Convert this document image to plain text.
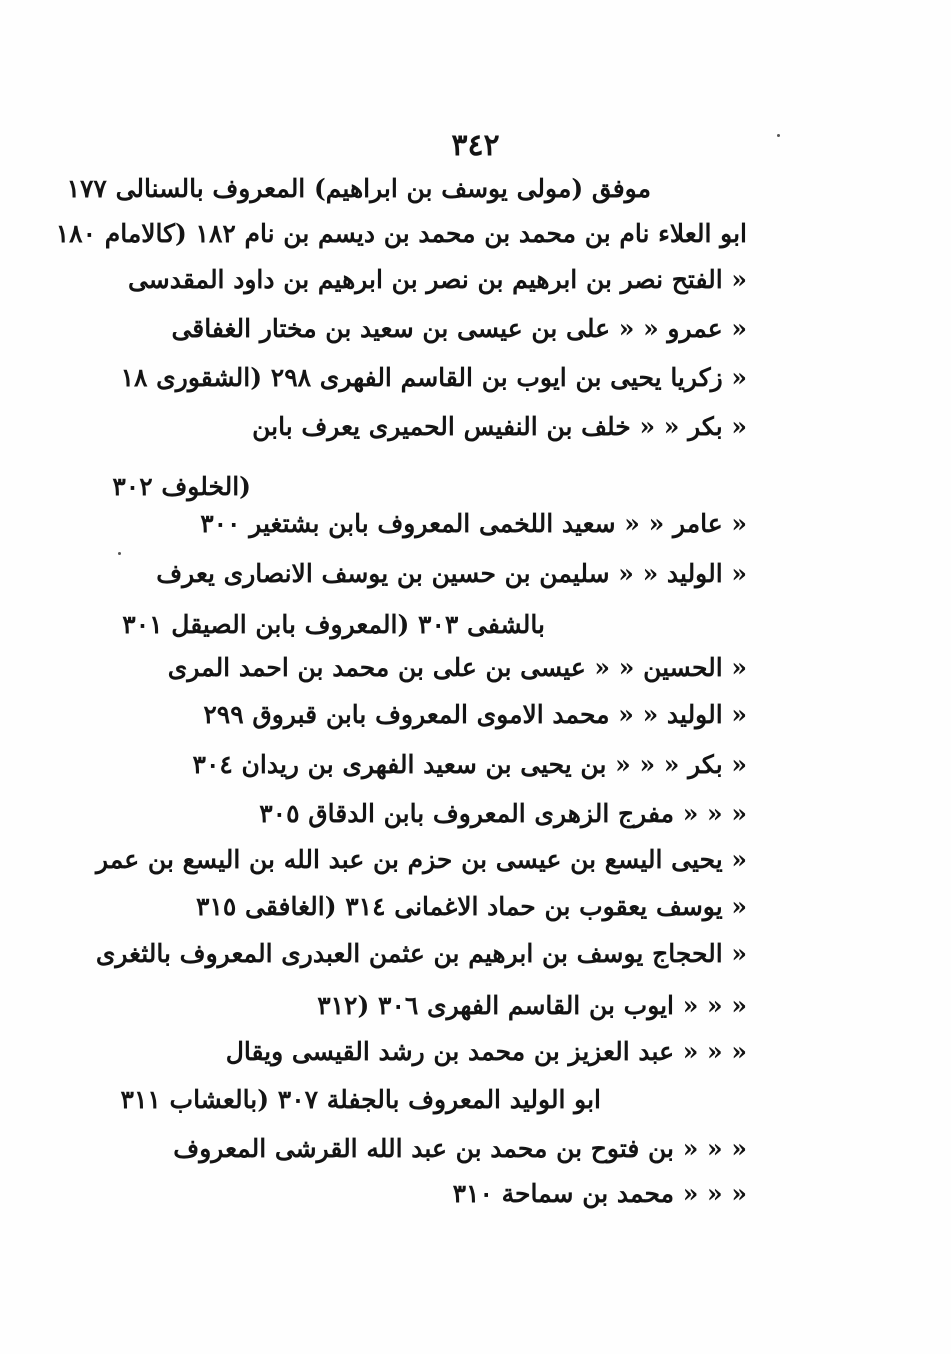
٣٤٢
موفق (مولى يوسف بن ابراهيم) المعروف بالسنالى ١٧٧
ابو العلاء نام بن محمد بن محمد بن ديسم بن نام ١٨٢ (كالامام ١٨٠
« الفتح نصر بن ابرهيم بن نصر بن ابرهيم بن داود المقدسى
« عمرو « « على بن عيسى بن سعيد بن مختار الغفاقى
« زكريا يحيى بن ايوب بن القاسم الفهرى ٢٩٨ (الشقورى ١٨
« بكر « « خلف بن النفيس الحميرى يعرف بابن
(الخلوف ٣٠٢
« عامر « « سعيد اللخمى المعروف بابن بشتغير ٣٠٠
« الوليد « « سليمن بن حسين بن يوسف الانصارى يعرف
بالشفى ٣٠٣ (المعروف بابن الصيقل ٣٠١
« الحسين « « عيسى بن على بن محمد بن احمد المرى
« الوليد « « محمد الاموى المعروف بابن قبروق ٢٩٩
« بكر « « « بن يحيى بن سعيد الفهرى بن ريدان ٣٠٤
« « « مفرج الزهرى المعروف بابن الدقاق ٣٠٥
« يحيى اليسع بن عيسى بن حزم بن عبد الله بن اليسع بن عمر
« يوسف يعقوب بن حماد الاغمانى ٣١٤ (الغافقى ٣١٥
« الحجاج يوسف بن ابرهيم بن عثمن العبدرى المعروف بالثغرى
« « « ايوب بن القاسم الفهرى ٣٠٦ (٣١٢
« « « عبد العزيز بن محمد بن رشد القيسى ويقال
ابو الوليد المعروف بالجفلة ٣٠٧ (بالعشاب ٣١١
« « « بن فتوح بن محمد بن عبد الله القرشى المعروف
« « « محمد بن سماحة ٣١٠
